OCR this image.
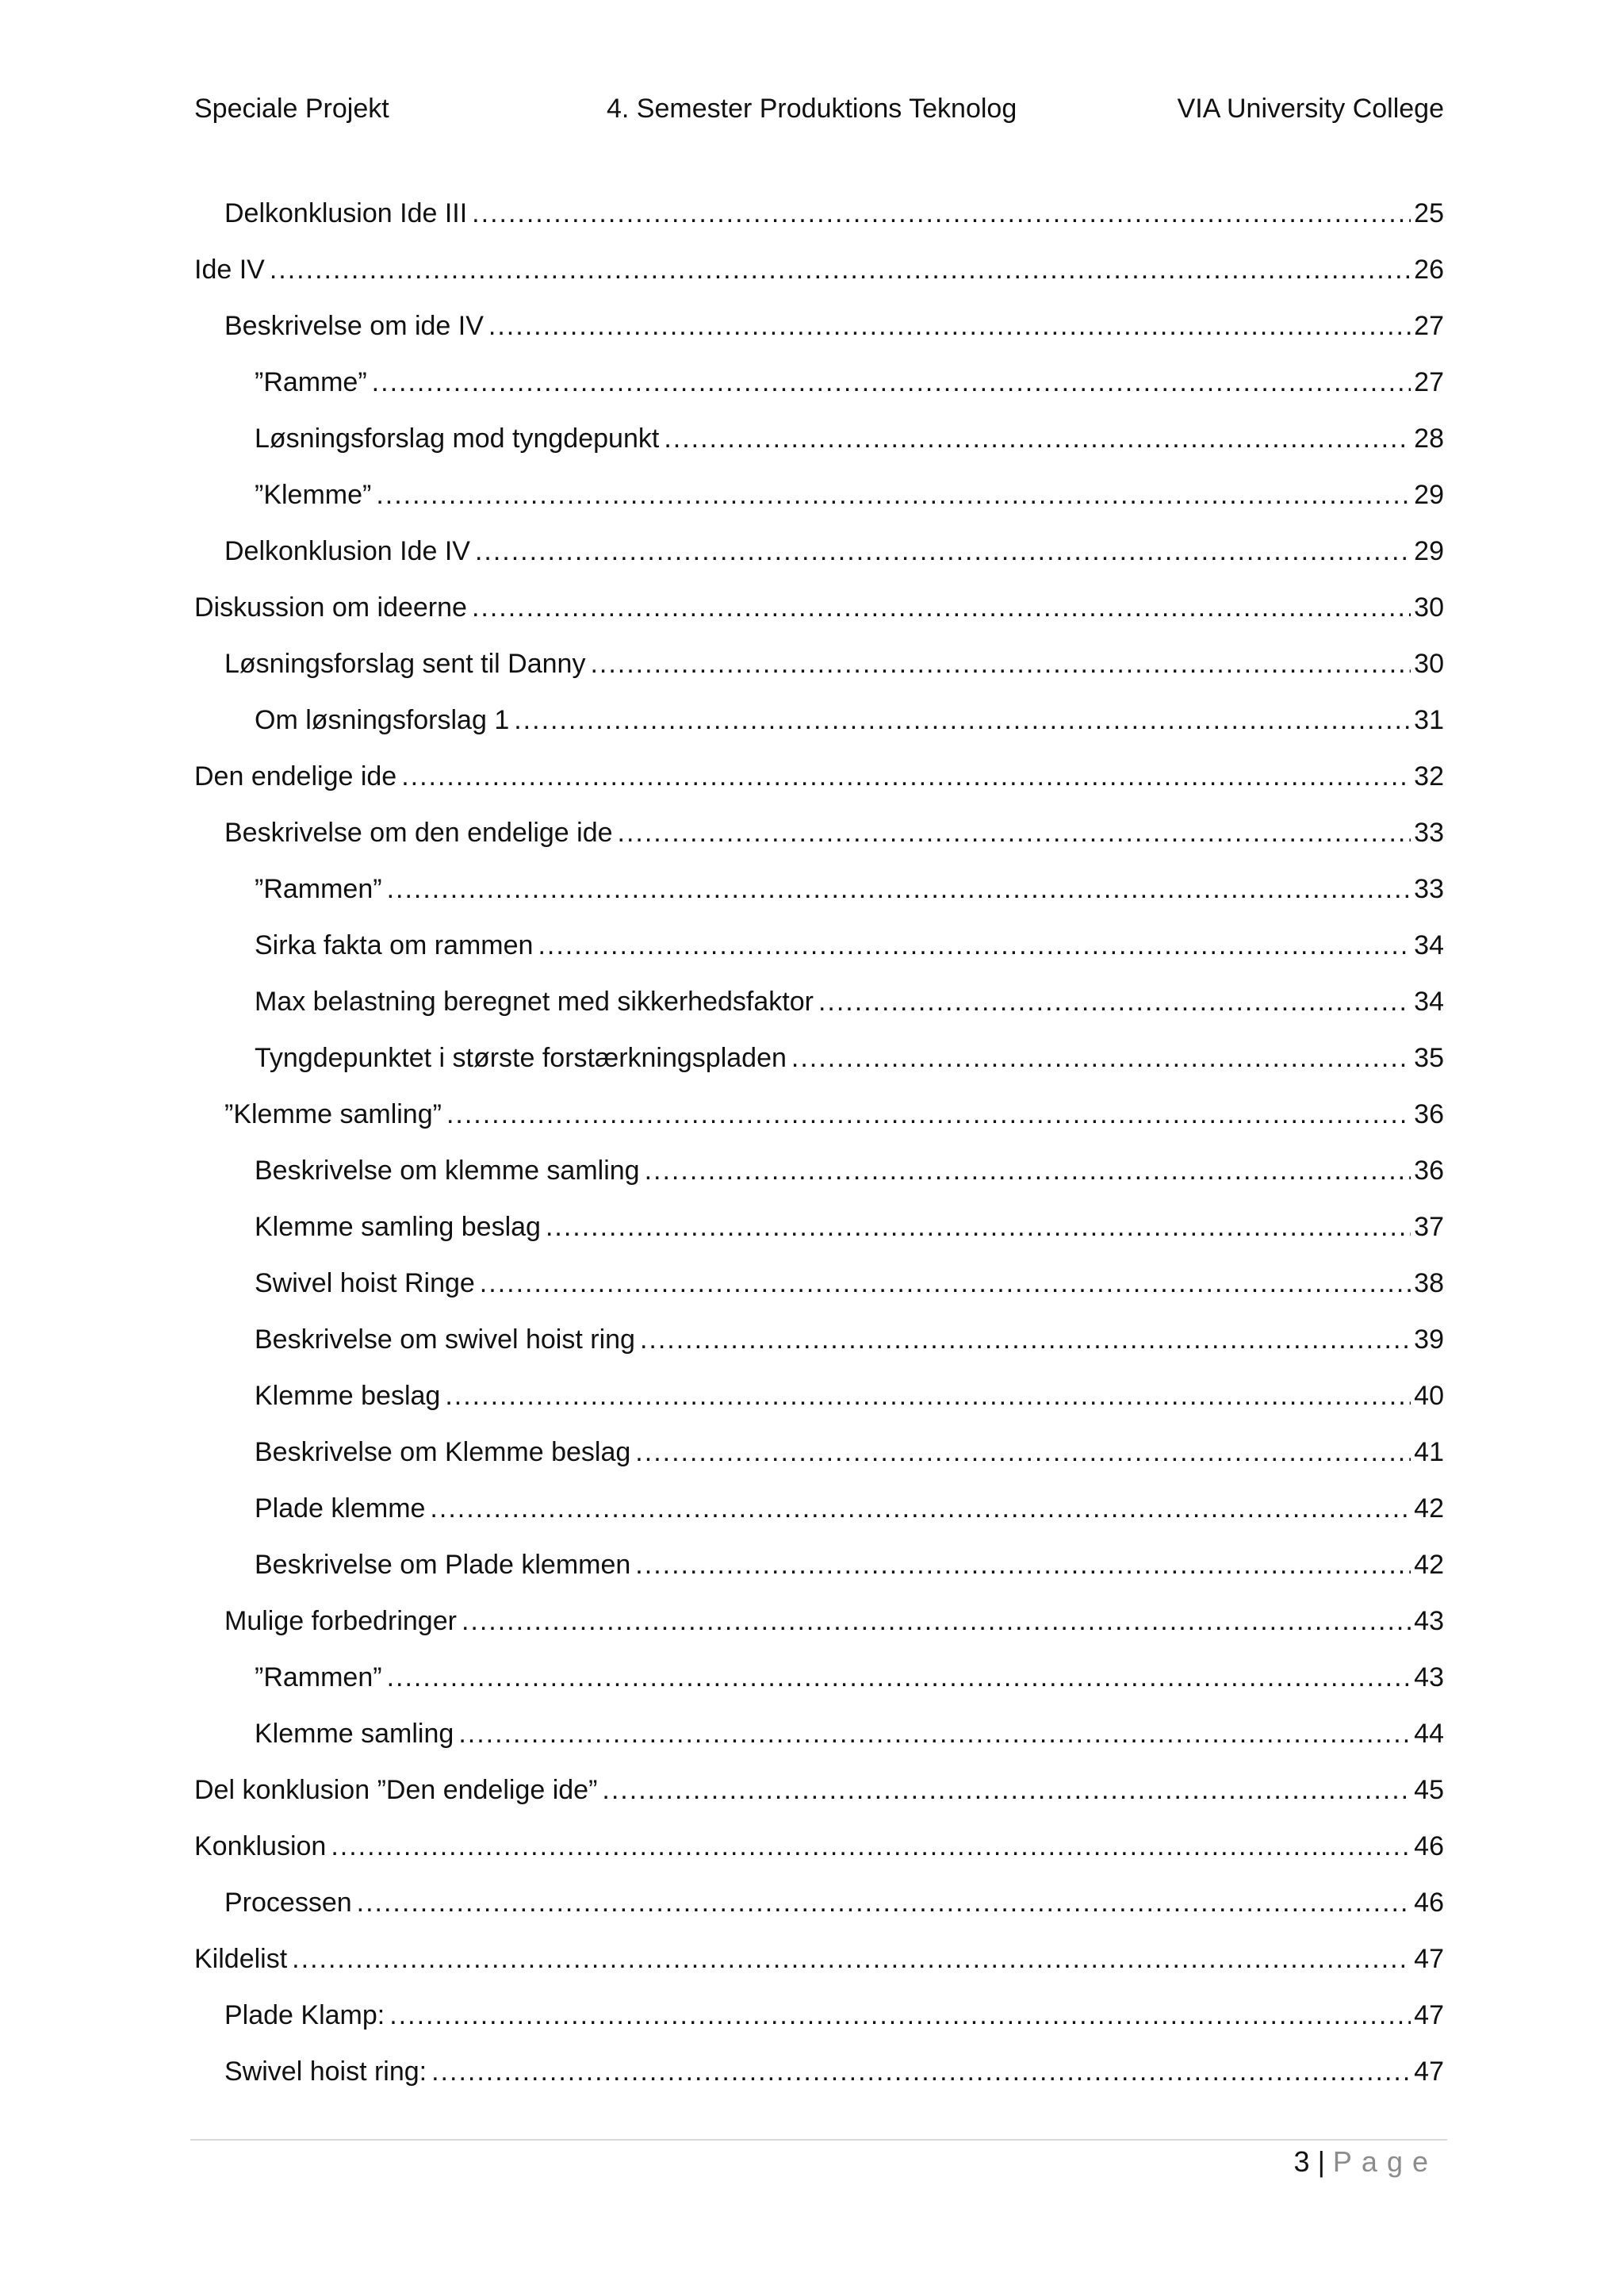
Speciale Projekt	4. Semester Produktions Teknolog	VIA University College
Delkonklusion Ide III .....	25
Ide IV .....	26
Beskrivelse om ide IV .....	27
”Ramme” .....	27
Løsningsforslag mod tyngdepunkt .....	28
”Klemme” .....	29
Delkonklusion Ide IV .....	29
Diskussion om ideerne .....	30
Løsningsforslag sent til Danny .....	30
Om løsningsforslag 1 .....	31
Den endelige ide .....	32
Beskrivelse om den endelige ide .....	33
”Rammen” .....	33
Sirka fakta om rammen .....	34
Max belastning beregnet med sikkerhedsfaktor .....	34
Tyngdepunktet i største forstærkningspladen .....	35
”Klemme samling” .....	36
Beskrivelse om klemme samling .....	36
Klemme samling beslag .....	37
Swivel hoist Ringe .....	38
Beskrivelse om swivel hoist ring .....	39
Klemme beslag .....	40
Beskrivelse om Klemme beslag .....	41
Plade klemme .....	42
Beskrivelse om Plade klemmen .....	42
Mulige forbedringer .....	43
”Rammen” .....	43
Klemme samling .....	44
Del konklusion ”Den endelige ide” .....	45
Konklusion .....	46
Processen .....	46
Kildelist .....	47
Plade Klamp: .....	47
Swivel hoist ring: .....	47
3 | Page
